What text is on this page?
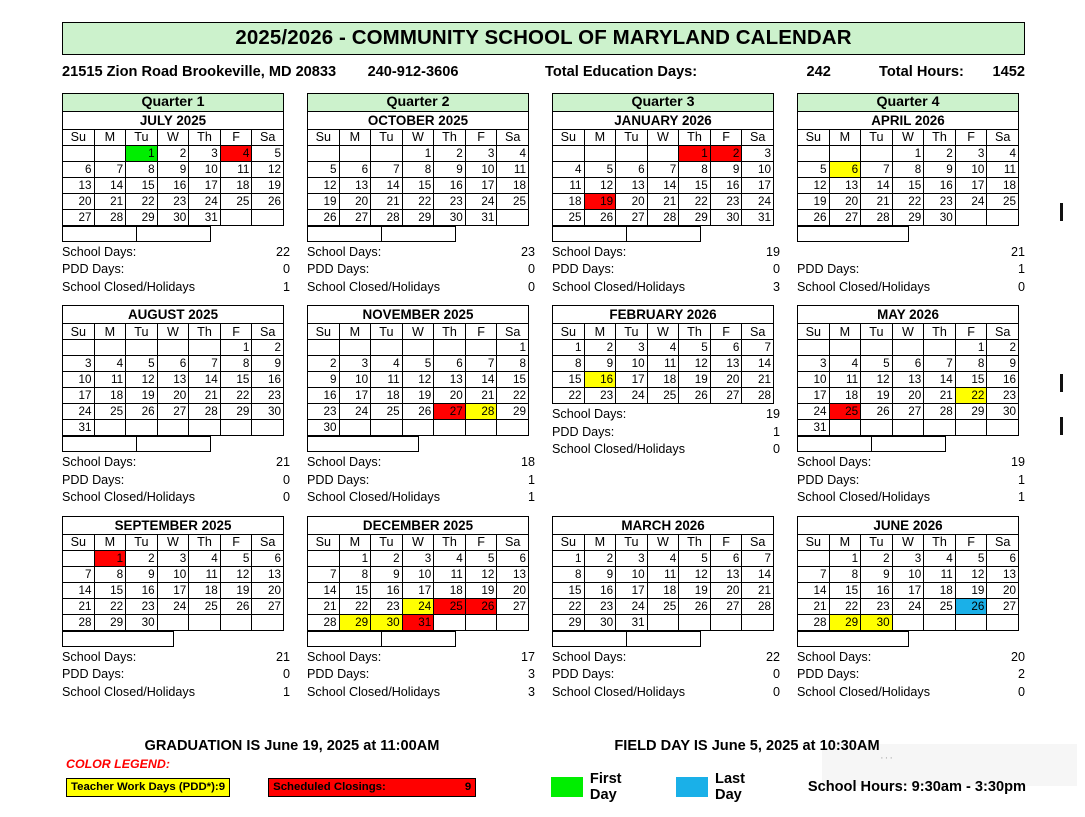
2025/2026 - COMMUNITY SCHOOL OF MARYLAND CALENDAR
21515 Zion Road Brookeville, MD 20833	240-912-3606	Total Education Days:	242	Total Hours:	1452
Quarter 1						
JULY 2025						
Su	M	Tu	W	Th	F	Sa
		1	2	3	4	5
6	7	8	9	10	11	12
13	14	15	16	17	18	19
20	21	22	23	24	25	26
27	28	29	30	31		

School Days:	22
PDD Days:	0
School Closed/Holidays	1
Quarter 2						
OCTOBER 2025						
Su	M	Tu	W	Th	F	Sa
			1	2	3	4
5	6	7	8	9	10	11
12	13	14	15	16	17	18
19	20	21	22	23	24	25
26	27	28	29	30	31	

School Days:	23
PDD Days:	0
School Closed/Holidays	0
Quarter 3						
JANUARY 2026						
Su	M	Tu	W	Th	F	Sa
				1	2	3
4	5	6	7	8	9	10
11	12	13	14	15	16	17
18	19	20	21	22	23	24
25	26	27	28	29	30	31

School Days:	19
PDD Days:	0
School Closed/Holidays	3
Quarter 4						
APRIL 2026						
Su	M	Tu	W	Th	F	Sa
			1	2	3	4
5	6	7	8	9	10	11
12	13	14	15	16	17	18
19	20	21	22	23	24	25
26	27	28	29	30		

21
PDD Days:	1
School Closed/Holidays	0
AUGUST 2025						
Su	M	Tu	W	Th	F	Sa
					1	2
3	4	5	6	7	8	9
10	11	12	13	14	15	16
17	18	19	20	21	22	23
24	25	26	27	28	29	30
31						

School Days:	21
PDD Days:	0
School Closed/Holidays	0
NOVEMBER 2025						
Su	M	Tu	W	Th	F	Sa
						1
2	3	4	5	6	7	8
9	10	11	12	13	14	15
16	17	18	19	20	21	22
23	24	25	26	27	28	29
30						

School Days:	18
PDD Days:	1
School Closed/Holidays	1
FEBRUARY 2026						
Su	M	Tu	W	Th	F	Sa
1	2	3	4	5	6	7
8	9	10	11	12	13	14
15	16	17	18	19	20	21
22	23	24	25	26	27	28
School Days:	19
PDD Days:	1
School Closed/Holidays	0
MAY 2026						
Su	M	Tu	W	Th	F	Sa
					1	2
3	4	5	6	7	8	9
10	11	12	13	14	15	16
17	18	19	20	21	22	23
24	25	26	27	28	29	30
31						

School Days:	19
PDD Days:	1
School Closed/Holidays	1
SEPTEMBER 2025						
Su	M	Tu	W	Th	F	Sa
	1	2	3	4	5	6
7	8	9	10	11	12	13
14	15	16	17	18	19	20
21	22	23	24	25	26	27
28	29	30				

School Days:	21
PDD Days:	0
School Closed/Holidays	1
DECEMBER 2025						
Su	M	Tu	W	Th	F	Sa
	1	2	3	4	5	6
7	8	9	10	11	12	13
14	15	16	17	18	19	20
21	22	23	24	25	26	27
28	29	30	31			

School Days:	17
PDD Days:	3
School Closed/Holidays	3
MARCH 2026						
Su	M	Tu	W	Th	F	Sa
1	2	3	4	5	6	7
8	9	10	11	12	13	14
15	16	17	18	19	20	21
22	23	24	25	26	27	28
29	30	31				

School Days:	22
PDD Days:	0
School Closed/Holidays	0
JUNE 2026						
Su	M	Tu	W	Th	F	Sa
	1	2	3	4	5	6
7	8	9	10	11	12	13
14	15	16	17	18	19	20
21	22	23	24	25	26	27
28	29	30				

School Days:	20
PDD Days:	2
School Closed/Holidays	0
GRADUATION IS June 19, 2025 at 11:00AM	FIELD DAY IS June 5, 2025 at 10:30AM
COLOR LEGEND:
Teacher Work Days (PDD*): 9	Scheduled Closings:	9	First Day
Last Day	School Hours: 9:30am - 3:30pm
···
